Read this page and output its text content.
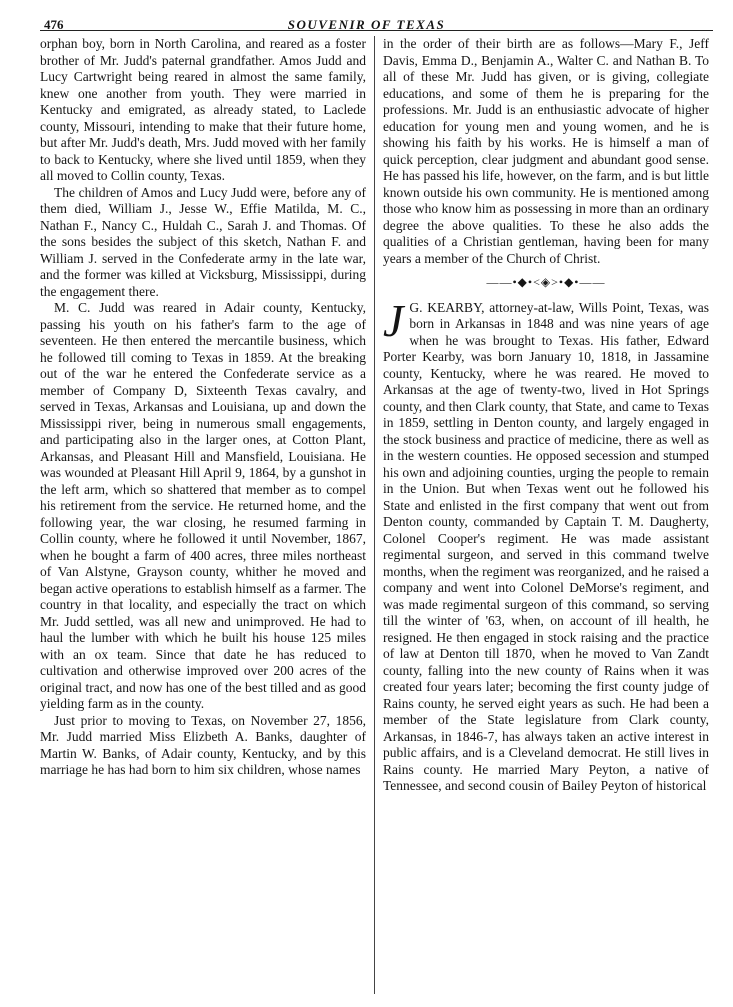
476	SOUVENIR OF TEXAS

orphan boy, born in North Carolina, and reared as a foster brother of Mr. Judd's paternal grandfather. Amos Judd and Lucy Cartwright being reared in almost the same family, knew one another from youth. They were married in Kentucky and emigrated, as already stated, to Laclede county, Missouri, intending to make that their future home, but after Mr. Judd's death, Mrs. Judd moved with her family to back to Kentucky, where she lived until 1859, when they all moved to Collin county, Texas.

The children of Amos and Lucy Judd were, before any of them died, William J., Jesse W., Effie Matilda, M. C., Nathan F., Nancy C., Huldah C., Sarah J. and Thomas. Of the sons besides the subject of this sketch, Nathan F. and William J. served in the Confederate army in the late war, and the former was killed at Vicksburg, Mississippi, during the engagement there.

M. C. Judd was reared in Adair county, Kentucky, passing his youth on his father's farm to the age of seventeen. He then entered the mercantile business, which he followed till coming to Texas in 1859. At the breaking out of the war he entered the Confederate service as a member of Company D, Sixteenth Texas cavalry, and served in Texas, Arkansas and Louisiana, up and down the Mississippi river, being in numerous small engagements, and participating also in the larger ones, at Cotton Plant, Arkansas, and Pleasant Hill and Mansfield, Louisiana. He was wounded at Pleasant Hill April 9, 1864, by a gunshot in the left arm, which so shattered that member as to compel his retirement from the service. He returned home, and the following year, the war closing, he resumed farming in Collin county, where he followed it until November, 1867, when he bought a farm of 400 acres, three miles northeast of Van Alstyne, Grayson county, whither he moved and began active operations to establish himself as a farmer. The country in that locality, and especially the tract on which Mr. Judd settled, was all new and unimproved. He had to haul the lumber with which he built his house 125 miles with an ox team. Since that date he has reduced to cultivation and otherwise improved over 200 acres of the original tract, and now has one of the best tilled and as good yielding farm as in the county.

Just prior to moving to Texas, on November 27, 1856, Mr. Judd married Miss Elizbeth A. Banks, daughter of Martin W. Banks, of Adair county, Kentucky, and by this marriage he has had born to him six children, whose names

in the order of their birth are as follows—Mary F., Jeff Davis, Emma D., Benjamin A., Walter C. and Nathan B. To all of these Mr. Judd has given, or is giving, collegiate educations, and some of them he is preparing for the professions. Mr. Judd is an enthusiastic advocate of higher education for young men and young women, and he is showing his faith by his works. He is himself a man of quick perception, clear judgment and abundant good sense. He has passed his life, however, on the farm, and is but little known outside his own community. He is mentioned among those who know him as possessing in more than an ordinary degree the above qualities. To these he also adds the qualities of a Christian gentleman, having been for many years a member of the Church of Christ.

——•◆•<◈>•◆•——

J G. KEARBY, attorney-at-law, Wills Point, Texas, was born in Arkansas in 1848 and was nine years of age when he was brought to Texas. His father, Edward Porter Kearby, was born January 10, 1818, in Jassamine county, Kentucky, where he was reared. He moved to Arkansas at the age of twenty-two, lived in Hot Springs county, and then Clark county, that State, and came to Texas in 1859, settling in Denton county, and largely engaged in the stock business and practice of medicine, there as well as in the western counties. He opposed secession and stumped his own and adjoining counties, urging the people to remain in the Union. But when Texas went out he followed his State and enlisted in the first company that went out from Denton county, commanded by Captain T. M. Daugherty, Colonel Cooper's regiment. He was made assistant regimental surgeon, and served in this command twelve months, when the regiment was reorganized, and he raised a company and went into Colonel DeMorse's regiment, and was made regimental surgeon of this command, so serving till the winter of '63, when, on account of ill health, he resigned. He then engaged in stock raising and the practice of law at Denton till 1870, when he moved to Van Zandt county, falling into the new county of Rains when it was created four years later; becoming the first county judge of Rains county, he served eight years as such. He had been a member of the State legislature from Clark county, Arkansas, in 1846-7, has always taken an active interest in public affairs, and is a Cleveland democrat. He still lives in Rains county. He married Mary Peyton, a native of Tennessee, and second cousin of Bailey Peyton of historical
